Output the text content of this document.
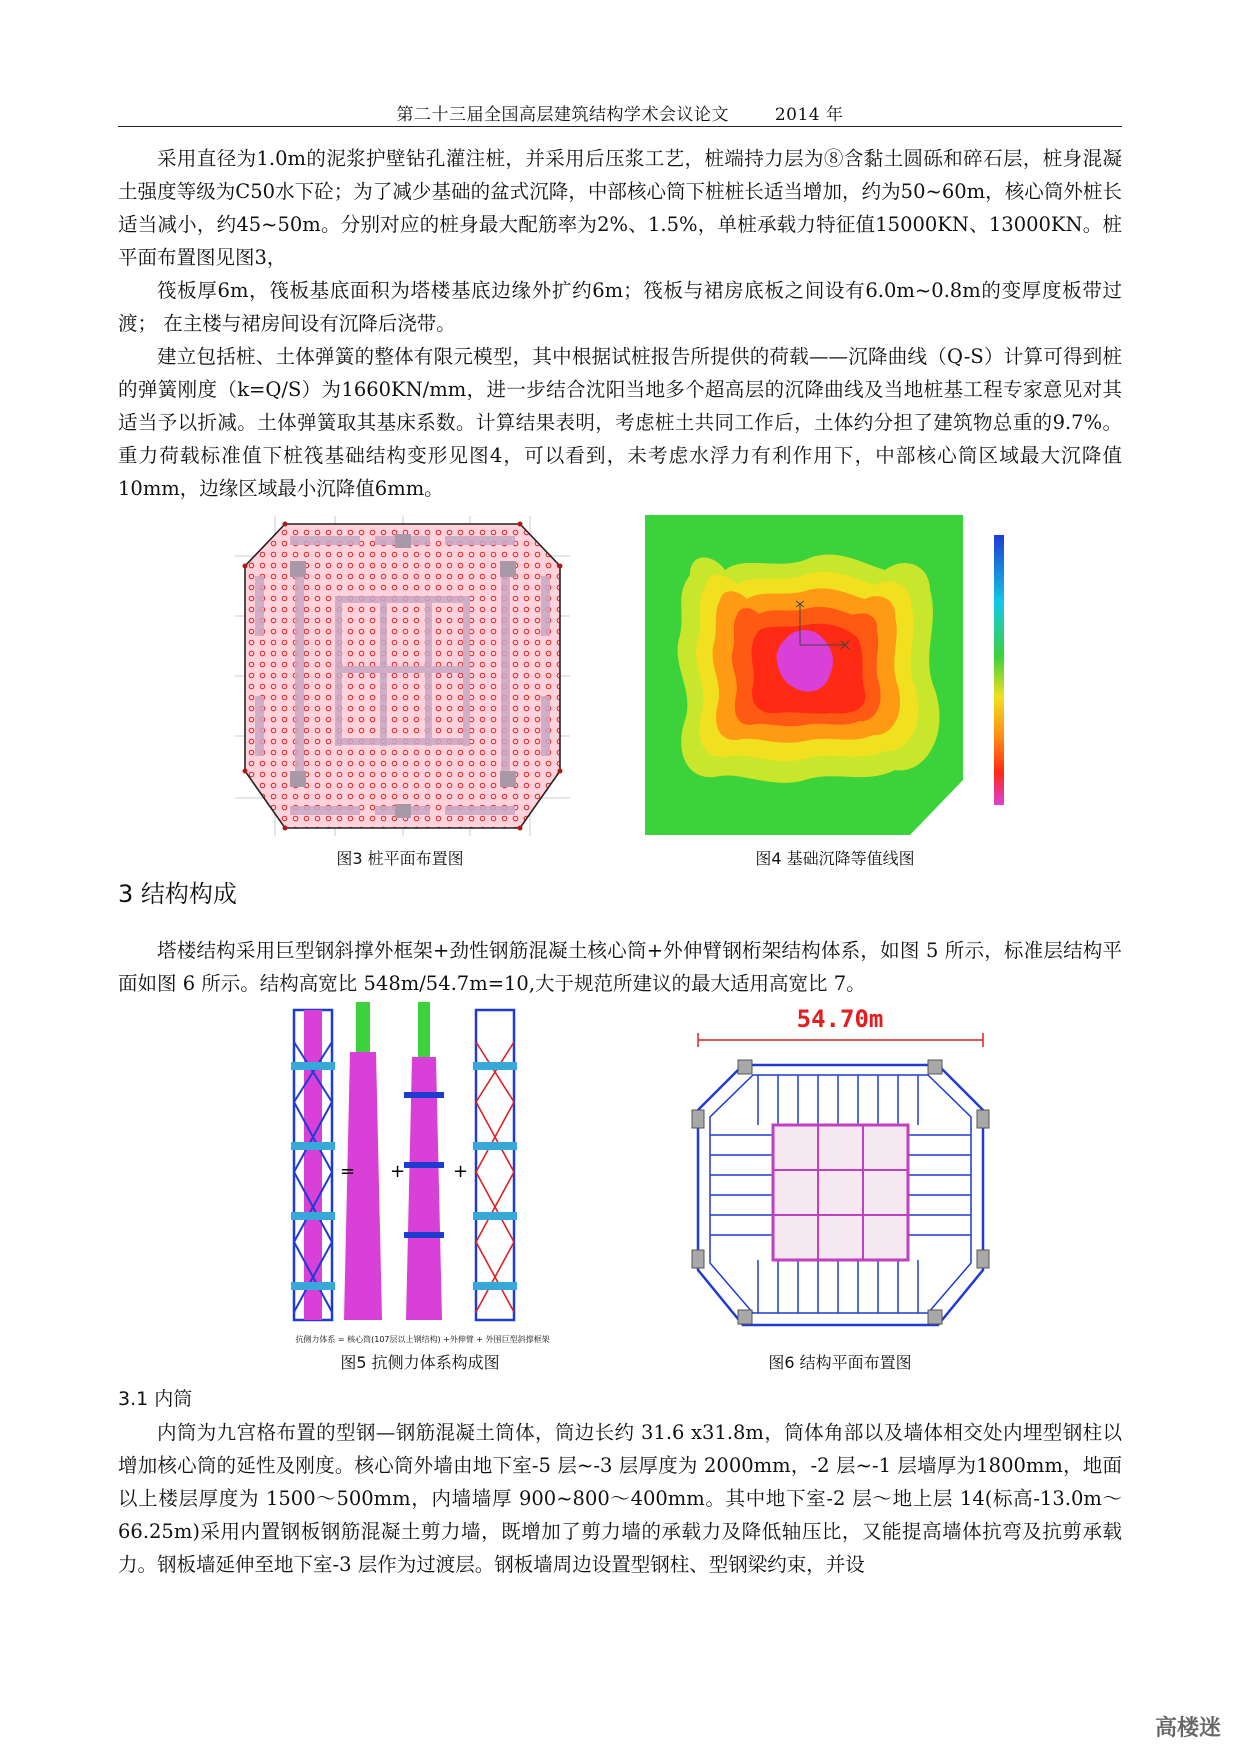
第二十三届全国高层建筑结构学术会议论文	2014 年

采用直径为1.0m的泥浆护壁钻孔灌注桩，并采用后压浆工艺，桩端持力层为⑧含黏土圆砾和碎石层，桩身混凝土强度等级为C50水下砼；为了减少基础的盆式沉降，中部核心筒下桩桩长适当增加，约为50~60m，核心筒外桩长适当减小，约45~50m。分别对应的桩身最大配筋率为2%、1.5%，单桩承载力特征值15000KN、13000KN。桩平面布置图见图3，

筏板厚6m，筏板基底面积为塔楼基底边缘外扩约6m；筏板与裙房底板之间设有6.0m~0.8m的变厚度板带过渡； 在主楼与裙房间设有沉降后浇带。

建立包括桩、土体弹簧的整体有限元模型，其中根据试桩报告所提供的荷载——沉降曲线（Q-S）计算可得到桩的弹簧刚度（k=Q/S）为1660KN/mm，进一步结合沈阳当地多个超高层的沉降曲线及当地桩基工程专家意见对其适当予以折减。土体弹簧取其基床系数。计算结果表明，考虑桩土共同工作后，土体约分担了建筑物总重的9.7%。重力荷载标准值下桩筏基础结构变形见图4，可以看到，未考虑水浮力有利作用下，中部核心筒区域最大沉降值 10mm，边缘区域最小沉降值6mm。

图3 桩平面布置图	图4 基础沉降等值线图
3 结构构成

塔楼结构采用巨型钢斜撑外框架+劲性钢筋混凝土核心筒+外伸臂钢桁架结构体系，如图 5 所示，标准层结构平面如图 6 所示。结构高宽比 548m/54.7m=10,大于规范所建议的最大适用高宽比 7。

= +	+
抗侧力体系 = 核心筒(107层以上钢结构) +外伸臂 + 外围巨型斜撑框架
图5 抗侧力体系构成图
54.70m
图6 结构平面布置图
3.1 内筒

内筒为九宫格布置的型钢—钢筋混凝土筒体，筒边长约 31.6 x31.8m，筒体角部以及墙体相交处内埋型钢柱以增加核心筒的延性及刚度。核心筒外墙由地下室-5 层~-3 层厚度为 2000mm，-2 层~-1 层墙厚为1800mm，地面以上楼层厚度为 1500～500mm，内墙墙厚 900~800～400mm。其中地下室-2 层～地上层 14(标高-13.0m～66.25m)采用内置钢板钢筋混凝土剪力墙，既增加了剪力墙的承载力及降低轴压比，又能提高墙体抗弯及抗剪承载力。钢板墙延伸至地下室-3 层作为过渡层。钢板墙周边设置型钢柱、型钢梁约束，并设

高楼迷
